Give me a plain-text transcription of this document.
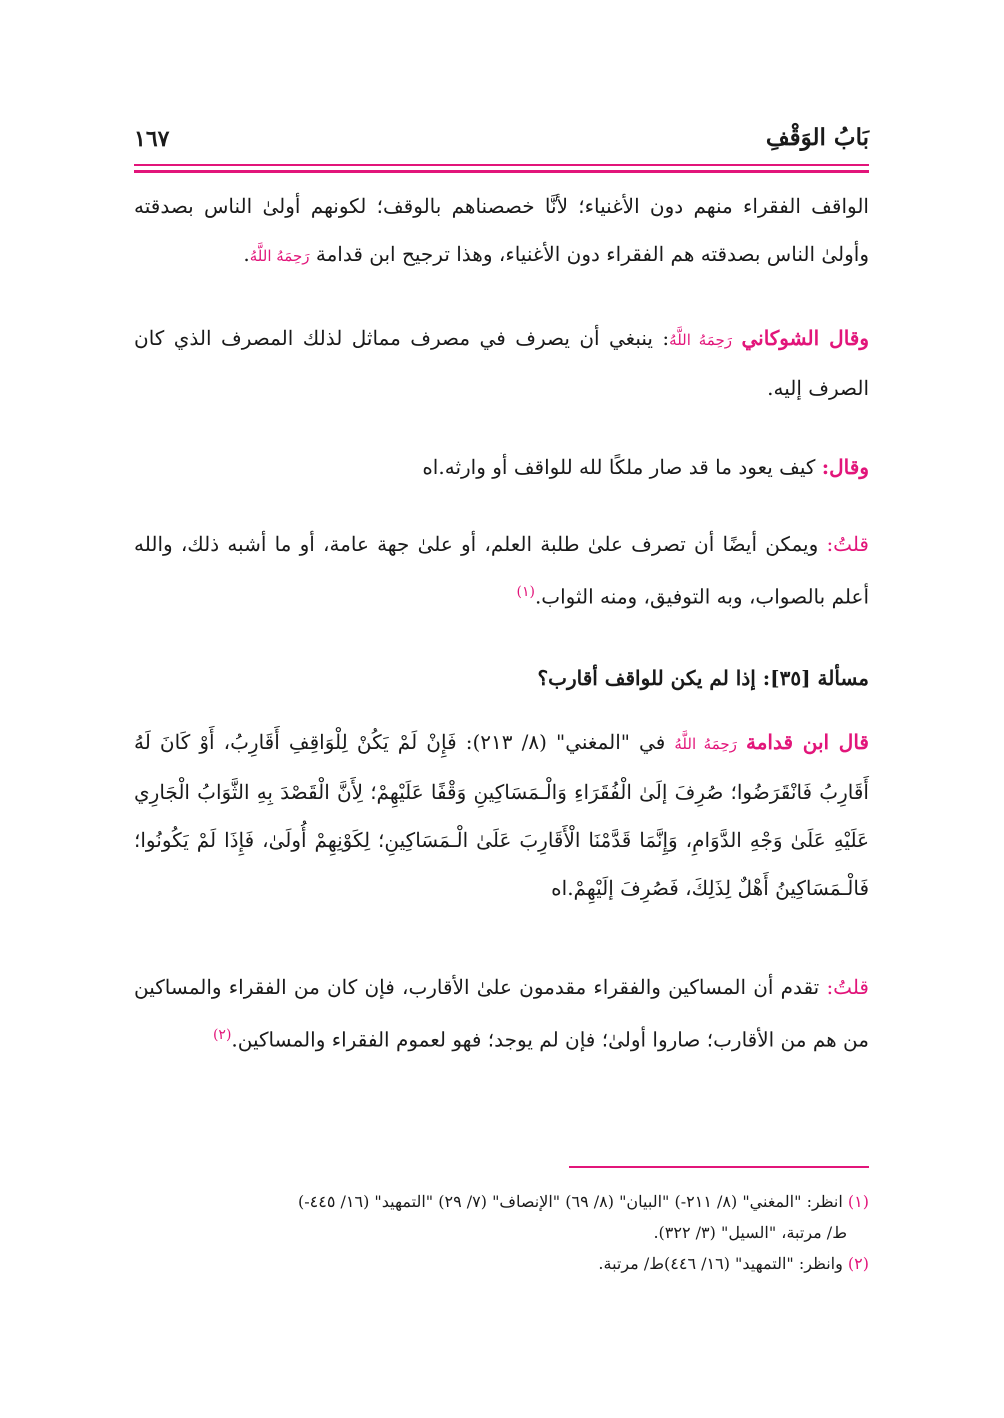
بَابُ الوَقْفِ
١٦٧

الواقف الفقراء منهم دون الأغنياء؛ لأنَّا خصصناهم بالوقف؛ لكونهم أولىٰ الناس بصدقته وأولىٰ الناس بصدقته هم الفقراء دون الأغنياء، وهذا ترجيح ابن قدامة رَحِمَهُ اللَّهُ.

وقال الشوكاني رَحِمَهُ اللَّهُ: ينبغي أن يصرف في مصرف مماثل لذلك المصرف الذي كان الصرف إليه.

وقال: كيف يعود ما قد صار ملكًا لله للواقف أو وارثه.اه

قلتُ: ويمكن أيضًا أن تصرف علىٰ طلبة العلم، أو علىٰ جهة عامة، أو ما أشبه ذلك، والله أعلم بالصواب، وبه التوفيق، ومنه الثواب.$^{(١)}$

مسألة [٣٥]: إذا لم يكن للواقف أقارب؟

قال ابن قدامة رَحِمَهُ اللَّهُ في "المغني" (٨/ ٢١٣): فَإِنْ لَمْ يَكُنْ لِلْوَاقِفِ أَقَارِبُ، أَوْ كَانَ لَهُ أَقَارِبُ فَانْقَرَضُوا؛ صُرِفَ إلَىٰ الْفُقَرَاءِ وَالْـمَسَاكِينِ وَقْفًا عَلَيْهِمْ؛ لِأَنَّ الْقَصْدَ بِهِ الثَّوَابُ الْجَارِي عَلَيْهِ عَلَىٰ وَجْهِ الدَّوَامِ، وَإِنَّمَا قَدَّمْنَا الْأَقَارِبَ عَلَىٰ الْـمَسَاكِينِ؛ لِكَوْنِهِمْ أُولَىٰ، فَإِذَا لَمْ يَكُونُوا؛ فَالْـمَسَاكِينُ أَهْلٌ لِذَلِكَ، فَصُرِفَ إلَيْهِمْ.اه

قلتُ: تقدم أن المساكين والفقراء مقدمون علىٰ الأقارب، فإن كان من الفقراء والمساكين من هم من الأقارب؛ صاروا أولىٰ؛ فإن لم يوجد؛ فهو لعموم الفقراء والمساكين.$^{(٢)}$

(١) انظر: "المغني" (٨/ ٢١١-) "البيان" (٨/ ٦٩) "الإنصاف" (٧/ ٢٩) "التمهيد" (١٦/ ٤٤٥-)
ط/ مرتبة، "السيل" (٣/ ٣٢٢).
(٢) وانظر: "التمهيد" (١٦/ ٤٤٦)ط/ مرتبة.
